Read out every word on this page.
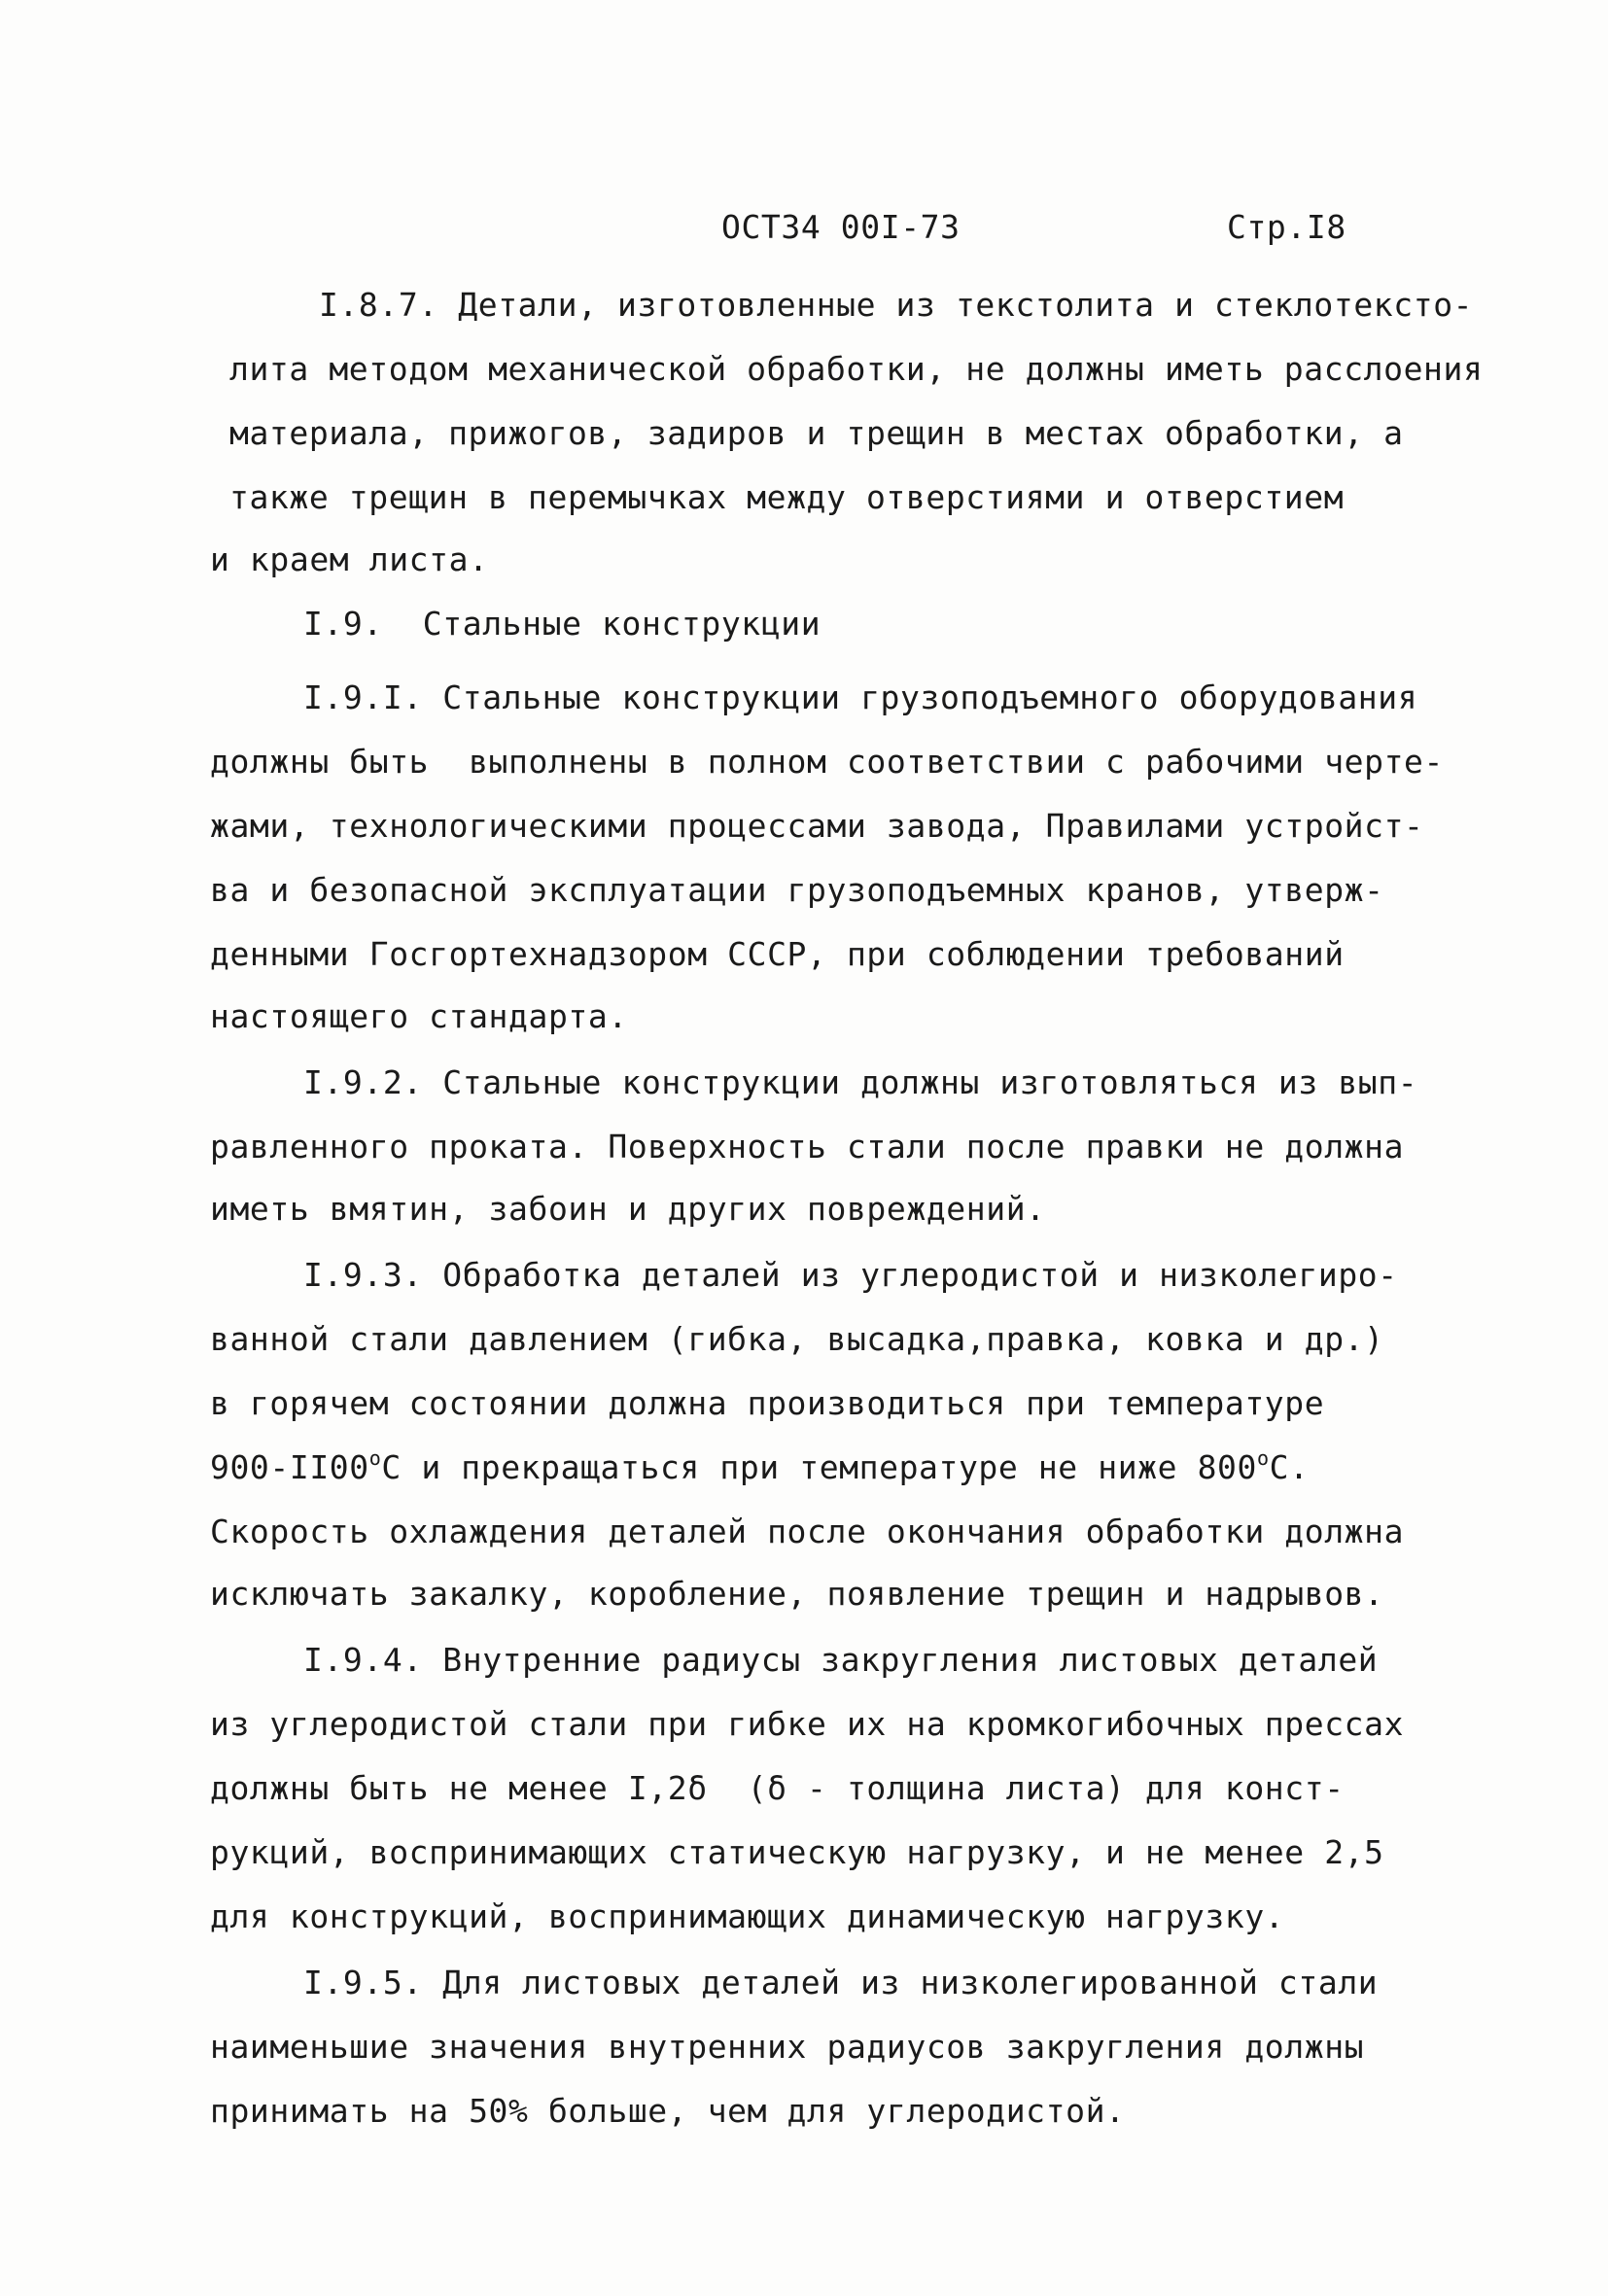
ОСТ34 00I-73	Стр.I8
I.8.7. Детали, изготовленные из текстолита и стеклотексто-
лита методом механической обработки, не должны иметь расслоения
материала, прижогов, задиров и трещин в местах обработки, а
также трещин в перемычках между отверстиями и отверстием
и краем листа.
I.9.  Стальные конструкции
I.9.I. Стальные конструкции грузоподъемного оборудования
должны быть  выполнены в полном соответствии с рабочими черте-
жами, технологическими процессами завода, Правилами устройст-
ва и безопасной эксплуатации грузоподъемных кранов, утверж-
денными Госгортехнадзором СССР, при соблюдении требований
настоящего стандарта.
I.9.2. Стальные конструкции должны изготовляться из вып-
равленного проката. Поверхность стали после правки не должна
иметь вмятин, забоин и других повреждений.
I.9.3. Обработка деталей из углеродистой и низколегиро-
ванной стали давлением (гибка, высадка,правка, ковка и др.)
в горячем состоянии должна производиться при температуре
$900-II00^оС$ и прекращаться при температуре не ниже $800^оС$.
Скорость охлаждения деталей после окончания обработки должна
исключать закалку, коробление, появление трещин и надрывов.
I.9.4. Внутренние радиусы закругления листовых деталей
из углеродистой стали при гибке их на кромкогибочных прессах
должны быть не менее I,2δ  (δ - толщина листа) для конст-
рукций, воспринимающих статическую нагрузку, и не менее 2,5
для конструкций, воспринимающих динамическую нагрузку.
I.9.5. Для листовых деталей из низколегированной стали
наименьшие значения внутренних радиусов закругления должны
принимать на 50% больше, чем для углеродистой.
